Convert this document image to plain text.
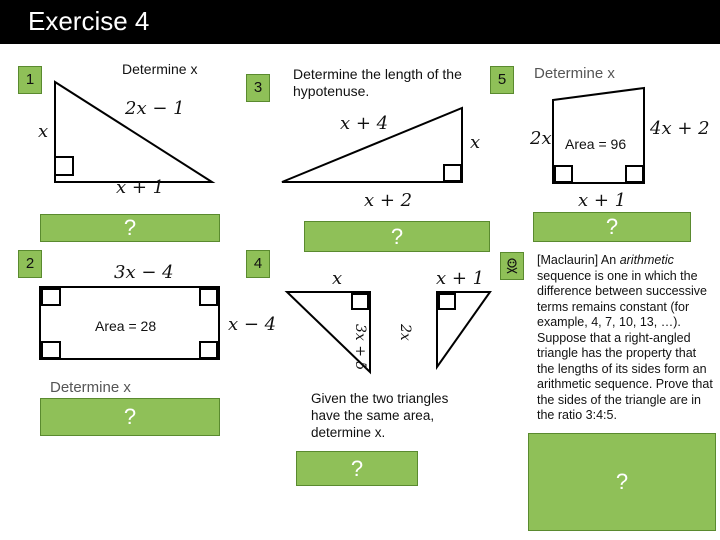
Exercise 4
1	3	5
2	4
Determine x
2x − 1
x
x + 1
?
Determine the length of the hypotenuse.
x + 4
x
x + 2
?
Determine x
2x Area = 96
4x + 2
x + 1
?
3x − 4
x − 4
Area = 28
Determine x
?
x	x + 1
3x + 5 2x
Given the two triangles have the same area, determine x.
?
[Maclaurin] An arithmetic sequence is one in which the difference between successive terms remains constant (for example, 4, 7, 10, 13, …). Suppose that a right-angled triangle has the property that the lengths of its sides form an arithmetic sequence. Prove that the sides of the triangle are in the ratio 3:4:5.
?
